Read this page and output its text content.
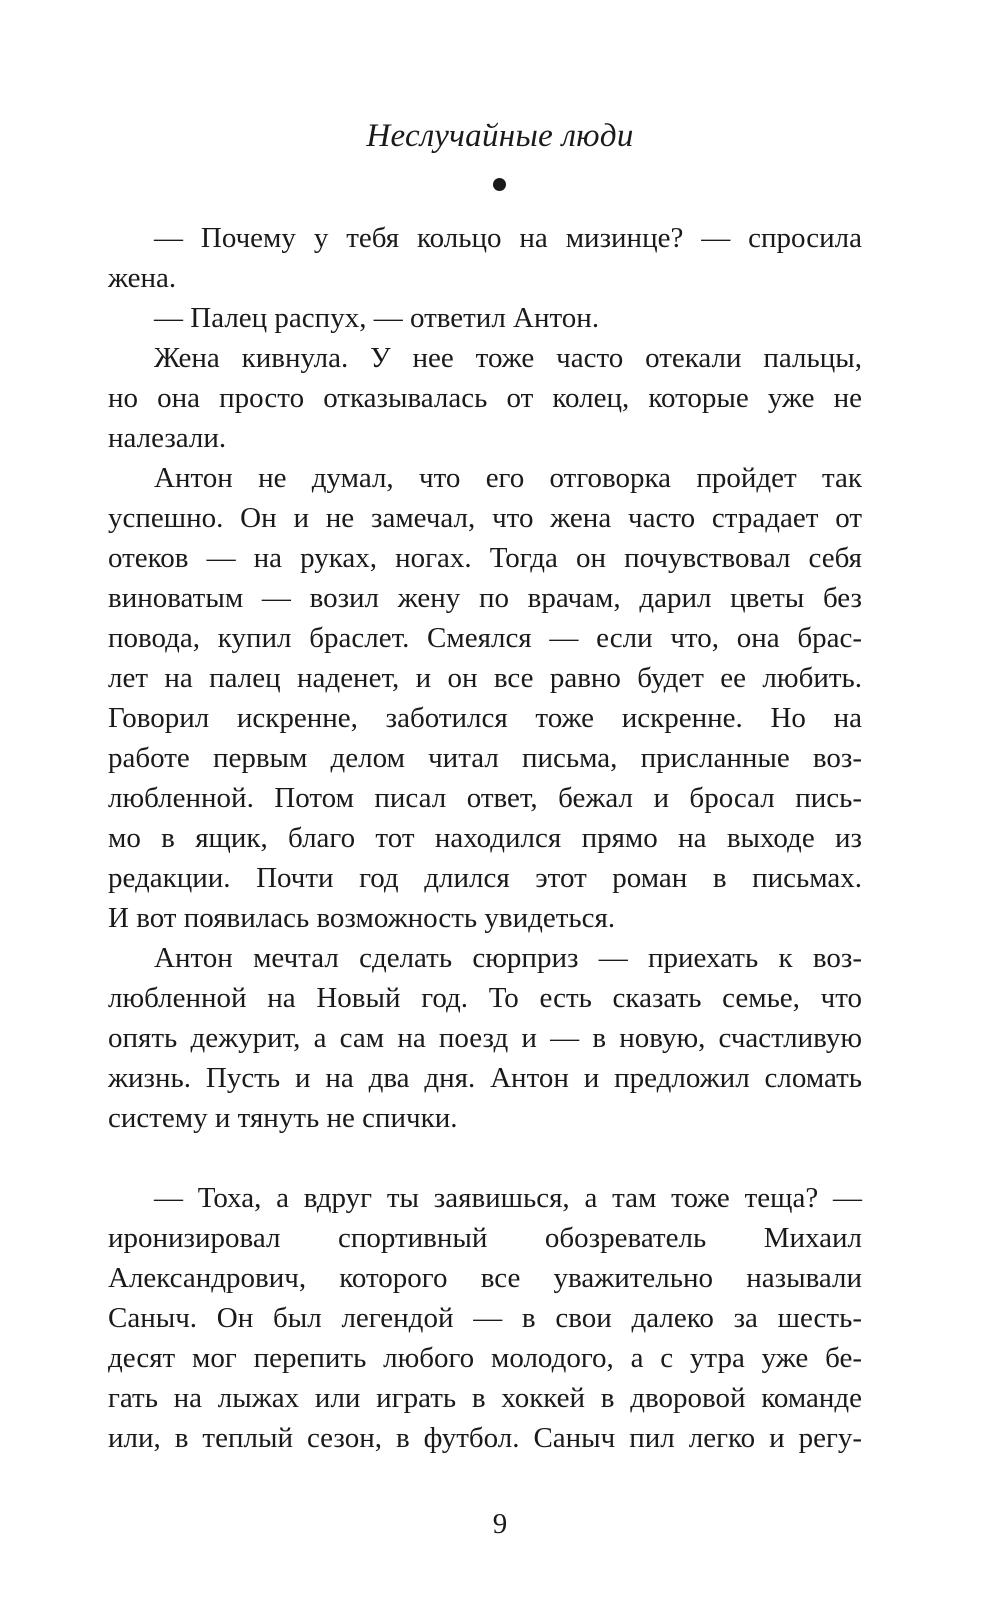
Неслучайные люди
— Почему у тебя кольцо на мизинце? — спросила
жена.
— Палец распух, — ответил Антон.
Жена кивнула. У нее тоже часто отекали пальцы,
но она просто отказывалась от колец, которые уже не
налезали.
Антон не думал, что его отговорка пройдет так
успешно. Он и не замечал, что жена часто страдает от
отеков — на руках, ногах. Тогда он почувствовал себя
виноватым — возил жену по врачам, дарил цветы без
повода, купил браслет. Смеялся — если что, она брас-
лет на палец наденет, и он все равно будет ее любить.
Говорил искренне, заботился тоже искренне. Но на
работе первым делом читал письма, присланные воз-
любленной. Потом писал ответ, бежал и бросал пись-
мо в ящик, благо тот находился прямо на выходе из
редакции. Почти год длился этот роман в письмах.
И вот появилась возможность увидеться.
Антон мечтал сделать сюрприз — приехать к воз-
любленной на Новый год. То есть сказать семье, что
опять дежурит, а сам на поезд и — в новую, счастливую
жизнь. Пусть и на два дня. Антон и предложил сломать
систему и тянуть не спички.
— Тоха, а вдруг ты заявишься, а там тоже теща? —
иронизировал спортивный обозреватель Михаил
Александрович, которого все уважительно называли
Саныч. Он был легендой — в свои далеко за шесть-
десят мог перепить любого молодого, а с утра уже бе-
гать на лыжах или играть в хоккей в дворовой команде
или, в теплый сезон, в футбол. Саныч пил легко и регу-
9
